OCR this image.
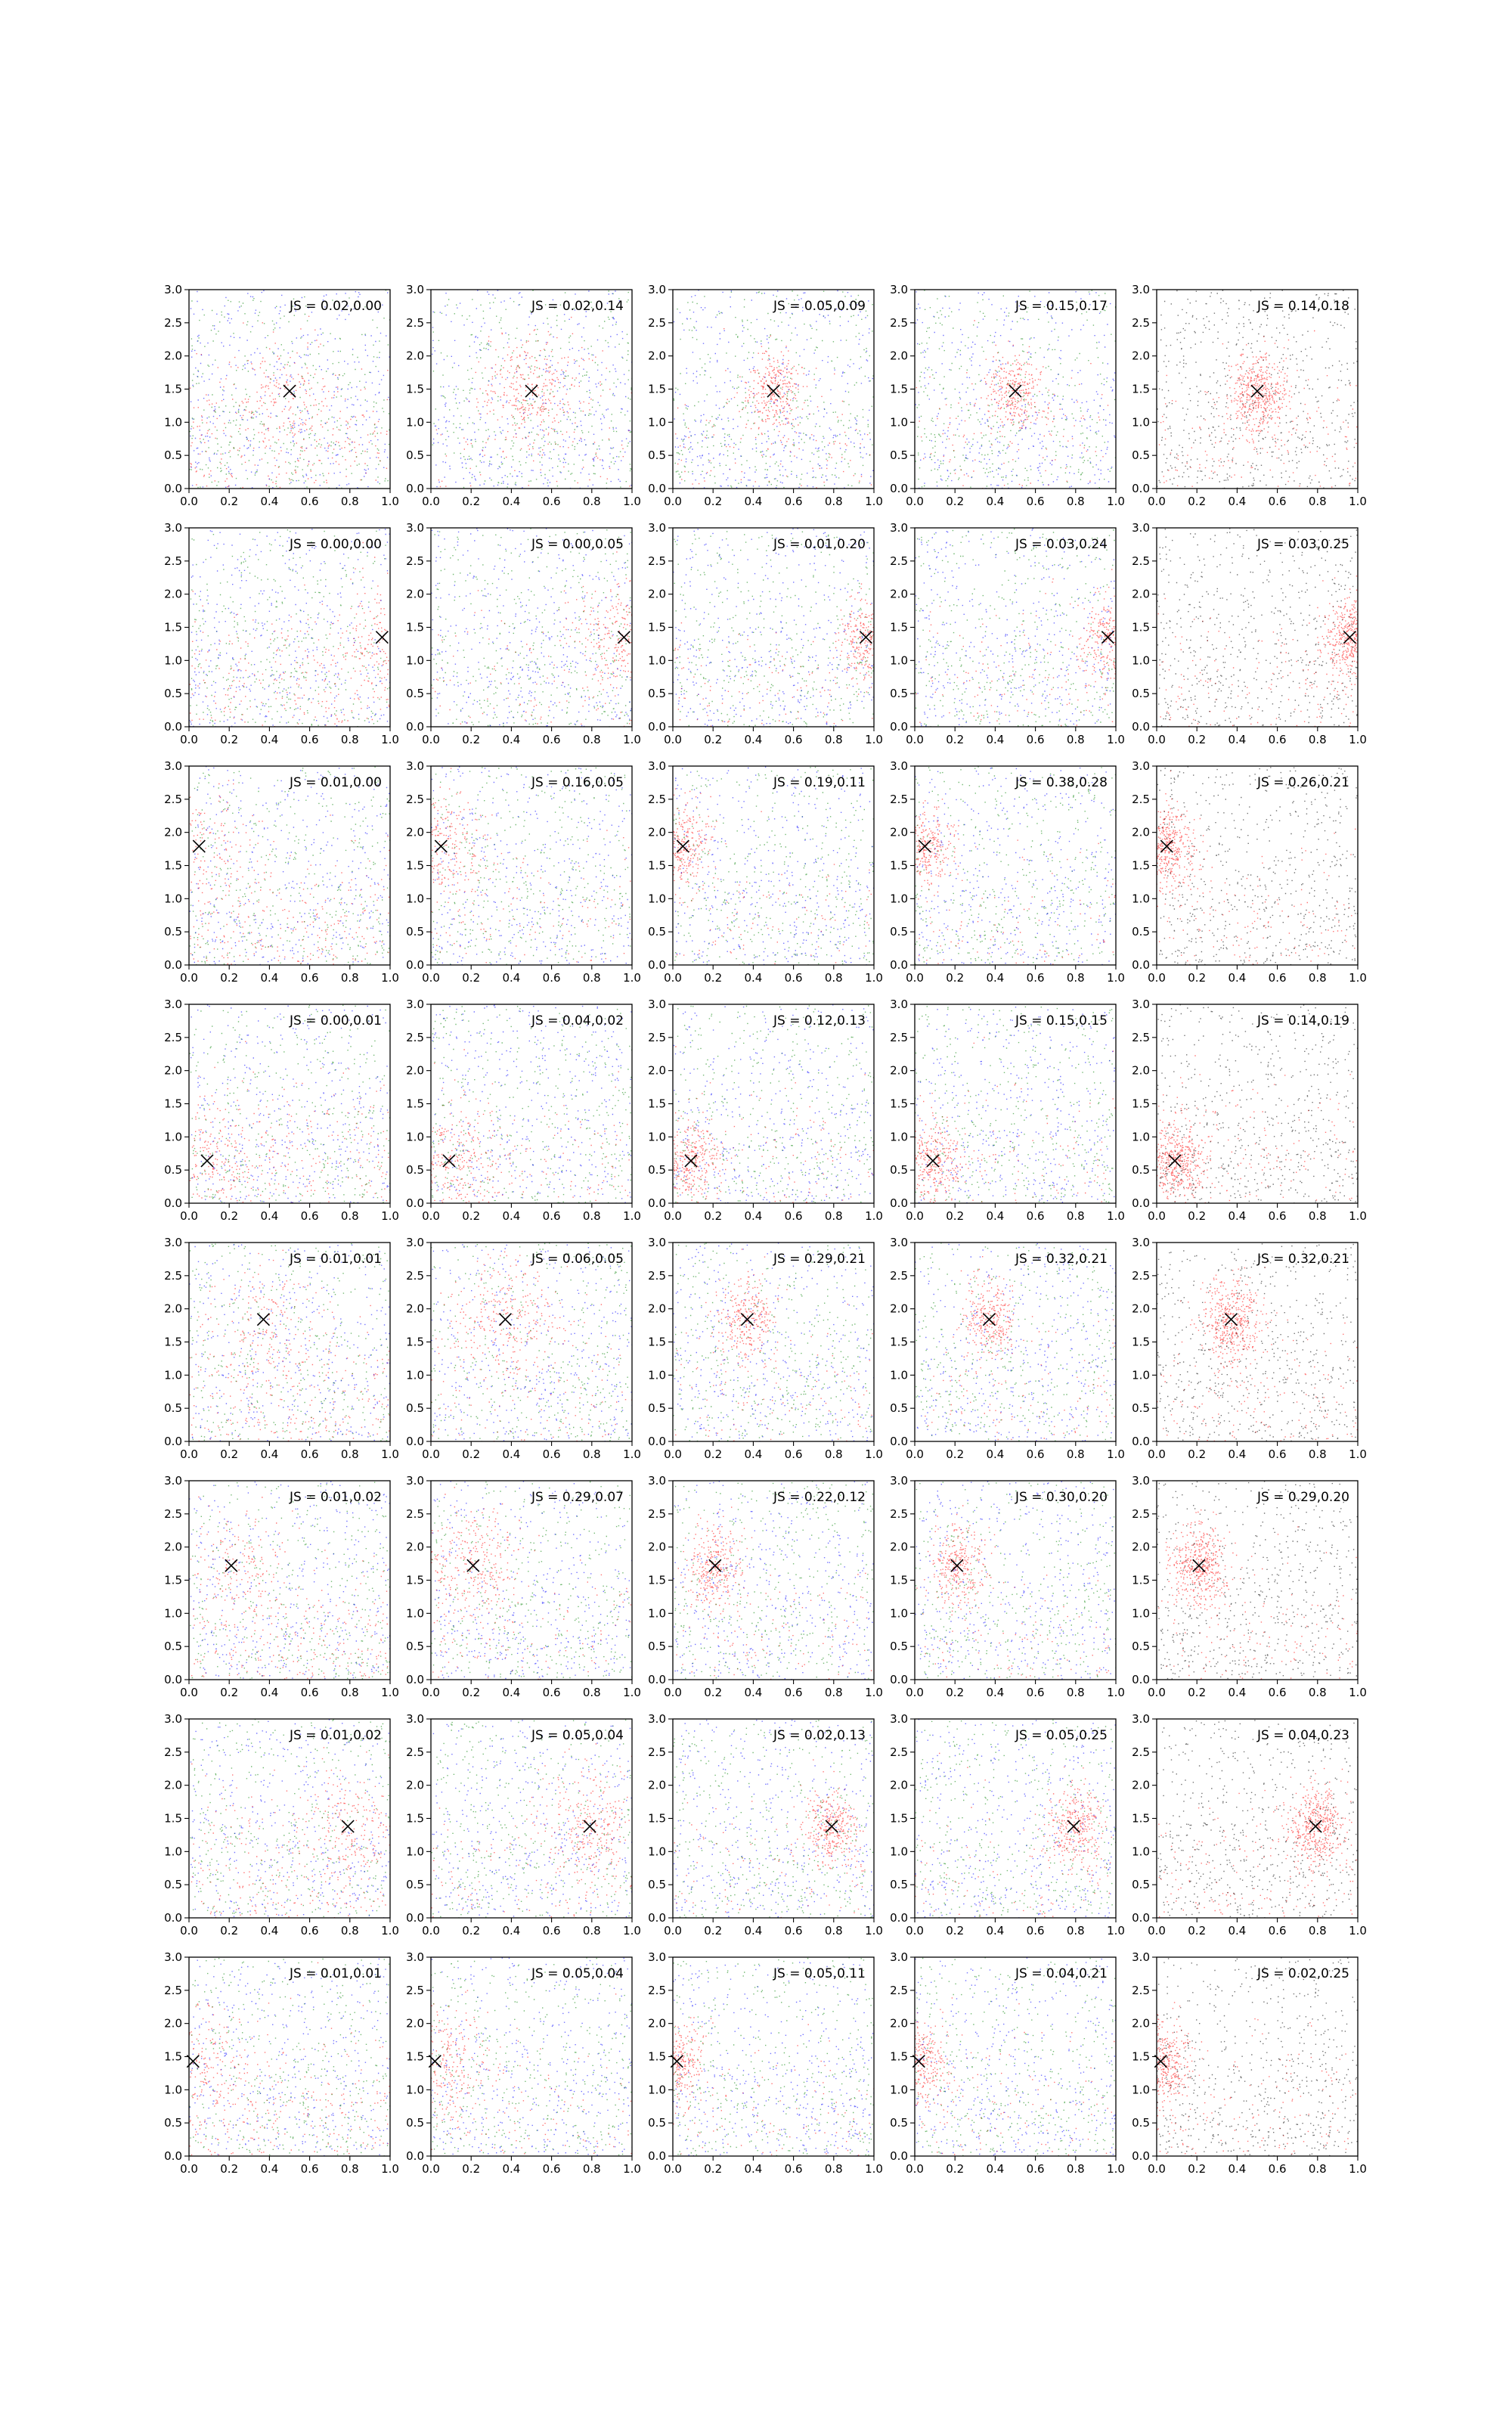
0.0 0.2 0.4 0.6 0.8 1.0
0.0
0.5
1.0
1.5
2.0
2.5
3.0
JS = 0.02,0.00
0.0 0.2 0.4 0.6 0.8 1.0
0.0
0.5
1.0
1.5
2.0
2.5
3.0
JS = 0.02,0.14
0.0 0.2 0.4 0.6 0.8 1.0
0.0
0.5
1.0
1.5
2.0
2.5
3.0
JS = 0.05,0.09
0.0 0.2 0.4 0.6 0.8 1.0
0.0
0.5
1.0
1.5
2.0
2.5
3.0
JS = 0.15,0.17
0.0 0.2 0.4 0.6 0.8 1.0
0.0
0.5
1.0
1.5
2.0
2.5
3.0
JS = 0.14,0.18
0.0 0.2 0.4 0.6 0.8 1.0
0.0
0.5
1.0
1.5
2.0
2.5
3.0
JS = 0.00,0.00
0.0 0.2 0.4 0.6 0.8 1.0
0.0
0.5
1.0
1.5
2.0
2.5
3.0
JS = 0.00,0.05
0.0 0.2 0.4 0.6 0.8 1.0
0.0
0.5
1.0
1.5
2.0
2.5
3.0
JS = 0.01,0.20
0.0 0.2 0.4 0.6 0.8 1.0
0.0
0.5
1.0
1.5
2.0
2.5
3.0
JS = 0.03,0.24
0.0 0.2 0.4 0.6 0.8 1.0
0.0
0.5
1.0
1.5
2.0
2.5
3.0
JS = 0.03,0.25
0.0 0.2 0.4 0.6 0.8 1.0
0.0
0.5
1.0
1.5
2.0
2.5
3.0
JS = 0.01,0.00
0.0 0.2 0.4 0.6 0.8 1.0
0.0
0.5
1.0
1.5
2.0
2.5
3.0
JS = 0.16,0.05
0.0 0.2 0.4 0.6 0.8 1.0
0.0
0.5
1.0
1.5
2.0
2.5
3.0
JS = 0.19,0.11
0.0 0.2 0.4 0.6 0.8 1.0
0.0
0.5
1.0
1.5
2.0
2.5
3.0
JS = 0.38,0.28
0.0 0.2 0.4 0.6 0.8 1.0
0.0
0.5
1.0
1.5
2.0
2.5
3.0
JS = 0.26,0.21
0.0 0.2 0.4 0.6 0.8 1.0
0.0
0.5
1.0
1.5
2.0
2.5
3.0
JS = 0.00,0.01
0.0 0.2 0.4 0.6 0.8 1.0
0.0
0.5
1.0
1.5
2.0
2.5
3.0
JS = 0.04,0.02
0.0 0.2 0.4 0.6 0.8 1.0
0.0
0.5
1.0
1.5
2.0
2.5
3.0
JS = 0.12,0.13
0.0 0.2 0.4 0.6 0.8 1.0
0.0
0.5
1.0
1.5
2.0
2.5
3.0
JS = 0.15,0.15
0.0 0.2 0.4 0.6 0.8 1.0
0.0
0.5
1.0
1.5
2.0
2.5
3.0
JS = 0.14,0.19
0.0 0.2 0.4 0.6 0.8 1.0
0.0
0.5
1.0
1.5
2.0
2.5
3.0
JS = 0.01,0.01
0.0 0.2 0.4 0.6 0.8 1.0
0.0
0.5
1.0
1.5
2.0
2.5
3.0
JS = 0.06,0.05
0.0 0.2 0.4 0.6 0.8 1.0
0.0
0.5
1.0
1.5
2.0
2.5
3.0
JS = 0.29,0.21
0.0 0.2 0.4 0.6 0.8 1.0
0.0
0.5
1.0
1.5
2.0
2.5
3.0
JS = 0.32,0.21
0.0 0.2 0.4 0.6 0.8 1.0
0.0
0.5
1.0
1.5
2.0
2.5
3.0
JS = 0.32,0.21
0.0 0.2 0.4 0.6 0.8 1.0
0.0
0.5
1.0
1.5
2.0
2.5
3.0
JS = 0.01,0.02
0.0 0.2 0.4 0.6 0.8 1.0
0.0
0.5
1.0
1.5
2.0
2.5
3.0
JS = 0.29,0.07
0.0 0.2 0.4 0.6 0.8 1.0
0.0
0.5
1.0
1.5
2.0
2.5
3.0
JS = 0.22,0.12
0.0 0.2 0.4 0.6 0.8 1.0
0.0
0.5
1.0
1.5
2.0
2.5
3.0
JS = 0.30,0.20
0.0 0.2 0.4 0.6 0.8 1.0
0.0
0.5
1.0
1.5
2.0
2.5
3.0
JS = 0.29,0.20
0.0 0.2 0.4 0.6 0.8 1.0
0.0
0.5
1.0
1.5
2.0
2.5
3.0
JS = 0.01,0.02
0.0 0.2 0.4 0.6 0.8 1.0
0.0
0.5
1.0
1.5
2.0
2.5
3.0
JS = 0.05,0.04
0.0 0.2 0.4 0.6 0.8 1.0
0.0
0.5
1.0
1.5
2.0
2.5
3.0
JS = 0.02,0.13
0.0 0.2 0.4 0.6 0.8 1.0
0.0
0.5
1.0
1.5
2.0
2.5
3.0
JS = 0.05,0.25
0.0 0.2 0.4 0.6 0.8 1.0
0.0
0.5
1.0
1.5
2.0
2.5
3.0
JS = 0.04,0.23
0.0 0.2 0.4 0.6 0.8 1.0
0.0
0.5
1.0
1.5
2.0
2.5
3.0
JS = 0.01,0.01
0.0 0.2 0.4 0.6 0.8 1.0
0.0
0.5
1.0
1.5
2.0
2.5
3.0
JS = 0.05,0.04
0.0 0.2 0.4 0.6 0.8 1.0
0.0
0.5
1.0
1.5
2.0
2.5
3.0
JS = 0.05,0.11
0.0 0.2 0.4 0.6 0.8 1.0
0.0
0.5
1.0
1.5
2.0
2.5
3.0
JS = 0.04,0.21
0.0 0.2 0.4 0.6 0.8 1.0
0.0
0.5
1.0
1.5
2.0
2.5
3.0
JS = 0.02,0.25
